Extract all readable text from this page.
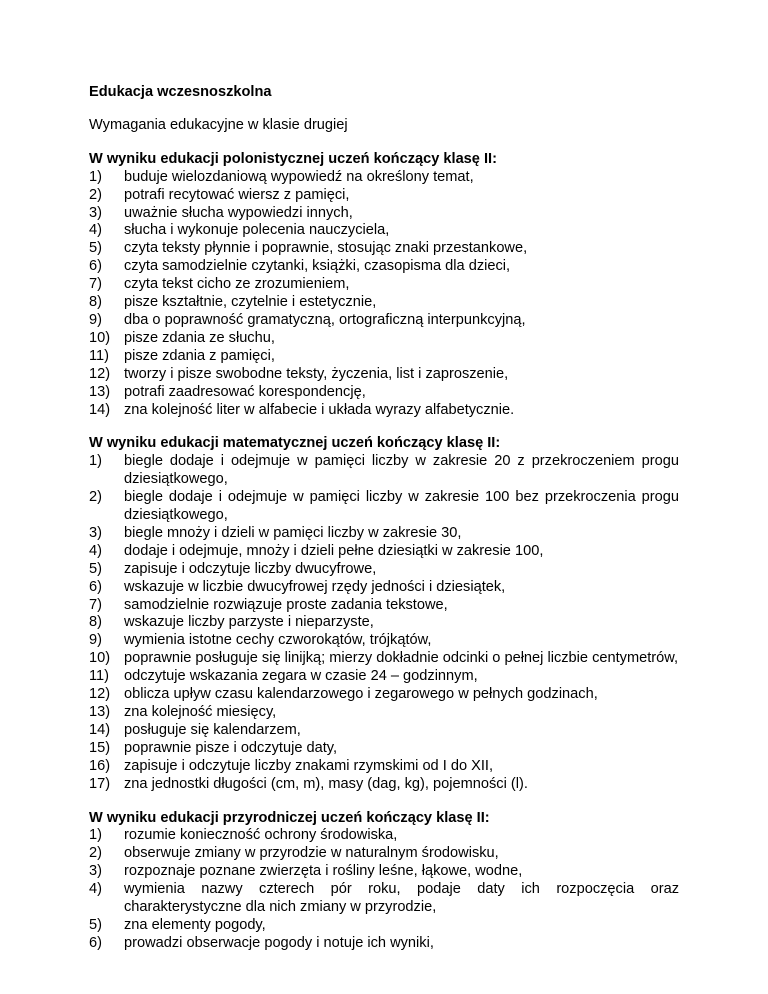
Edukacja wczesnoszkolna

Wymagania edukacyjne w klasie drugiej

W wyniku edukacji polonistycznej uczeń kończący klasę II:

1) buduje wielozdaniową wypowiedź na określony temat,
2) potrafi recytować wiersz z pamięci,
3) uważnie słucha wypowiedzi innych,
4) słucha i wykonuje polecenia nauczyciela,
5) czyta teksty płynnie i poprawnie, stosując znaki przestankowe,
6) czyta samodzielnie czytanki, książki, czasopisma dla dzieci,
7) czyta tekst cicho ze zrozumieniem,
8) pisze kształtnie, czytelnie i estetycznie,
9) dba o poprawność gramatyczną, ortograficzną interpunkcyjną,
10) pisze zdania ze słuchu,
11) pisze zdania z pamięci,
12) tworzy i pisze swobodne teksty, życzenia, list i zaproszenie,
13) potrafi zaadresować korespondencję,
14) zna kolejność liter w alfabecie i układa wyrazy alfabetycznie.

W wyniku edukacji matematycznej uczeń kończący klasę II:

1) biegle dodaje i odejmuje w pamięci liczby w zakresie 20 z przekroczeniem progu dziesiątkowego,
2) biegle dodaje i odejmuje w pamięci liczby w zakresie 100 bez przekroczenia progu dziesiątkowego,
3) biegle mnoży i dzieli w pamięci liczby w zakresie 30,
4) dodaje i odejmuje, mnoży i dzieli pełne dziesiątki w zakresie 100,
5) zapisuje i odczytuje liczby dwucyfrowe,
6) wskazuje w liczbie dwucyfrowej rzędy jedności i dziesiątek,
7) samodzielnie rozwiązuje proste zadania tekstowe,
8) wskazuje liczby parzyste i nieparzyste,
9) wymienia istotne cechy czworokątów, trójkątów,
10) poprawnie posługuje się linijką; mierzy dokładnie odcinki o pełnej liczbie centymetrów,
11) odczytuje wskazania zegara w czasie 24 – godzinnym,
12) oblicza upływ czasu kalendarzowego i zegarowego w pełnych godzinach,
13) zna kolejność miesięcy,
14) posługuje się kalendarzem,
15) poprawnie pisze i odczytuje daty,
16) zapisuje i odczytuje liczby znakami rzymskimi od I do XII,
17) zna jednostki długości (cm, m), masy (dag, kg), pojemności (l).

W wyniku edukacji przyrodniczej uczeń kończący klasę II:

1) rozumie konieczność ochrony środowiska,
2) obserwuje zmiany w przyrodzie w naturalnym środowisku,
3) rozpoznaje poznane zwierzęta i rośliny leśne, łąkowe, wodne,
4) wymienia nazwy czterech pór roku, podaje daty ich rozpoczęcia oraz charakterystyczne dla nich zmiany w przyrodzie,
5) zna elementy pogody,
6) prowadzi obserwacje pogody i notuje ich wyniki,
